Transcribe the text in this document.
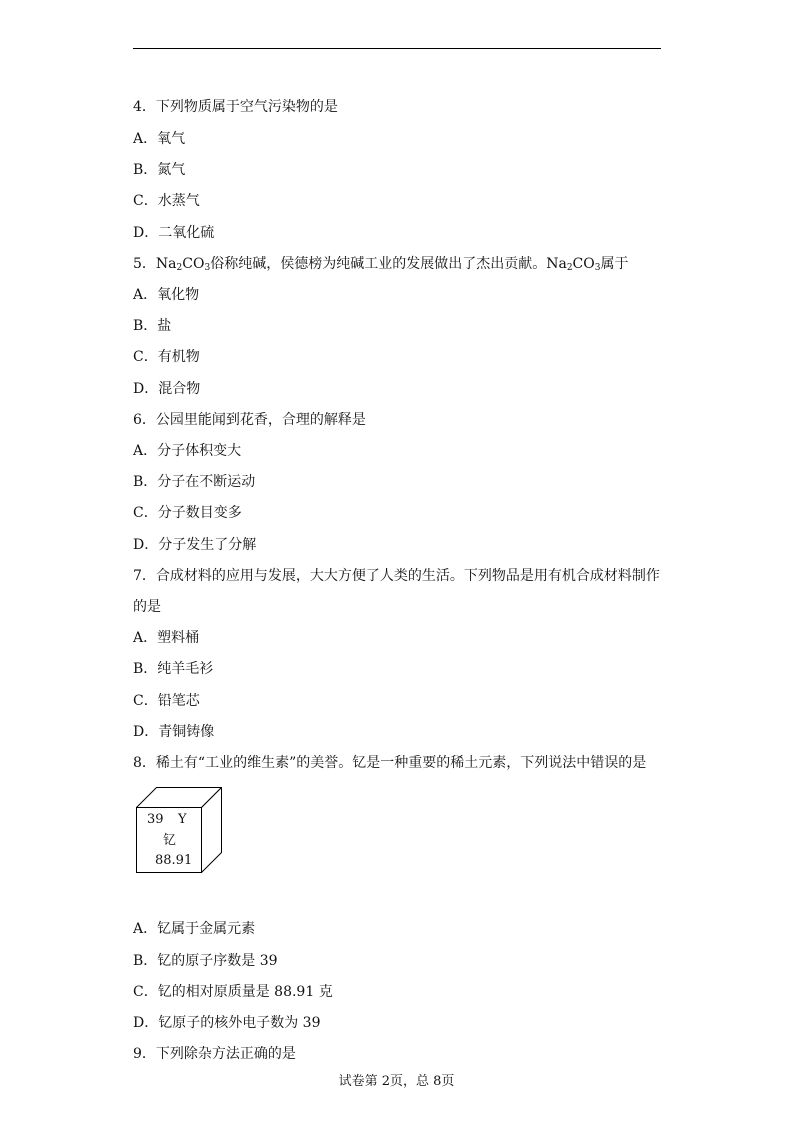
4．下列物质属于空气污染物的是
A．氧气
B．氮气
C．水蒸气
D．二氧化硫
5．$Na_2CO_3$俗称纯碱，侯德榜为纯碱工业的发展做出了杰出贡献。$Na_2CO_3$属于
A．氧化物
B．盐
C．有机物
D．混合物
6．公园里能闻到花香，合理的解释是
A．分子体积变大
B．分子在不断运动
C．分子数目变多
D．分子发生了分解
7．合成材料的应用与发展，大大方便了人类的生活。下列物品是用有机合成材料制作
的是
A．塑料桶
B．纯羊毛衫
C．铅笔芯
D．青铜铸像
8．稀土有“工业的维生素”的美誉。钇是一种重要的稀土元素，下列说法中错误的是
39 Y
钇
88.91
A．钇属于金属元素
B．钇的原子序数是 39
C．钇的相对原质量是 88.91 克
D．钇原子的核外电子数为 39
9．下列除杂方法正确的是
试卷第 2页，总 8页
